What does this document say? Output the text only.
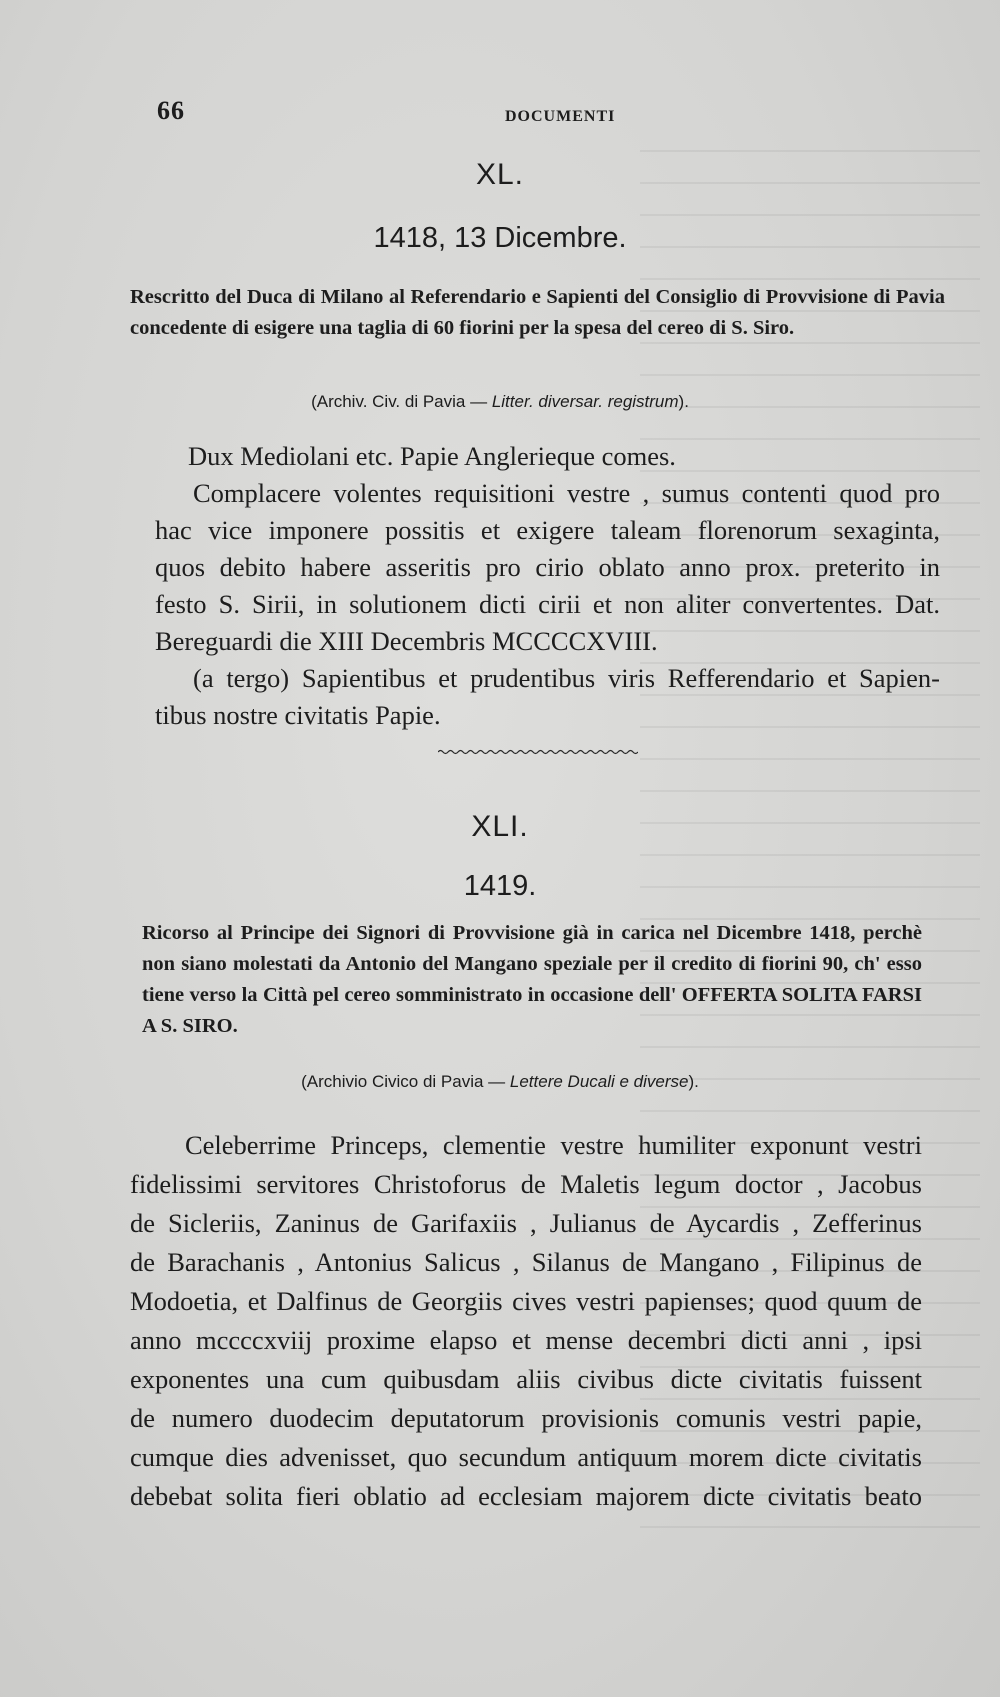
66	DOCUMENTI
XL.
1418, 13 Dicembre.
Rescritto del Duca di Milano al Referendario e Sapienti del Consiglio di Provvisione di Pavia concedente di esigere una taglia di 60 fiorini per la spesa del cereo di S. Siro.
(Archiv. Civ. di Pavia — Litter. diversar. registrum).
Dux Mediolani etc. Papie Anglerieque comes.
Complacere volentes requisitioni vestre , sumus contenti quod pro
hac vice imponere possitis et exigere taleam florenorum sexaginta,
quos debito habere asseritis pro cirio oblato anno prox. preterito in
festo S. Sirii, in solutionem dicti cirii et non aliter convertentes. Dat.
Bereguardi die XIII Decembris MCCCCXVIII.
(a tergo) Sapientibus et prudentibus viris Refferendario et Sapien-
tibus nostre civitatis Papie.
XLI.
1419.
Ricorso al Principe dei Signori di Provvisione già in carica nel Dicembre 1418, perchè non siano molestati da Antonio del Mangano speziale per il credito di fiorini 90, ch' esso tiene verso la Città pel cereo somministrato in occasione dell' OFFERTA SOLITA FARSI A S. SIRO.
(Archivio Civico di Pavia — Lettere Ducali e diverse).
Celeberrime Princeps, clementie vestre humiliter exponunt vestri
fidelissimi servitores Christoforus de Maletis legum doctor , Jacobus
de Sicleriis, Zaninus de Garifaxiis , Julianus de Aycardis , Zefferinus
de Barachanis , Antonius Salicus , Silanus de Mangano , Filipinus de
Modoetia, et Dalfinus de Georgiis cives vestri papienses; quod quum de
anno mccccxviij proxime elapso et mense decembri dicti anni , ipsi
exponentes una cum quibusdam aliis civibus dicte civitatis fuissent
de numero duodecim deputatorum provisionis comunis vestri papie,
cumque dies advenisset, quo secundum antiquum morem dicte civitatis
debebat solita fieri oblatio ad ecclesiam majorem dicte civitatis beato
